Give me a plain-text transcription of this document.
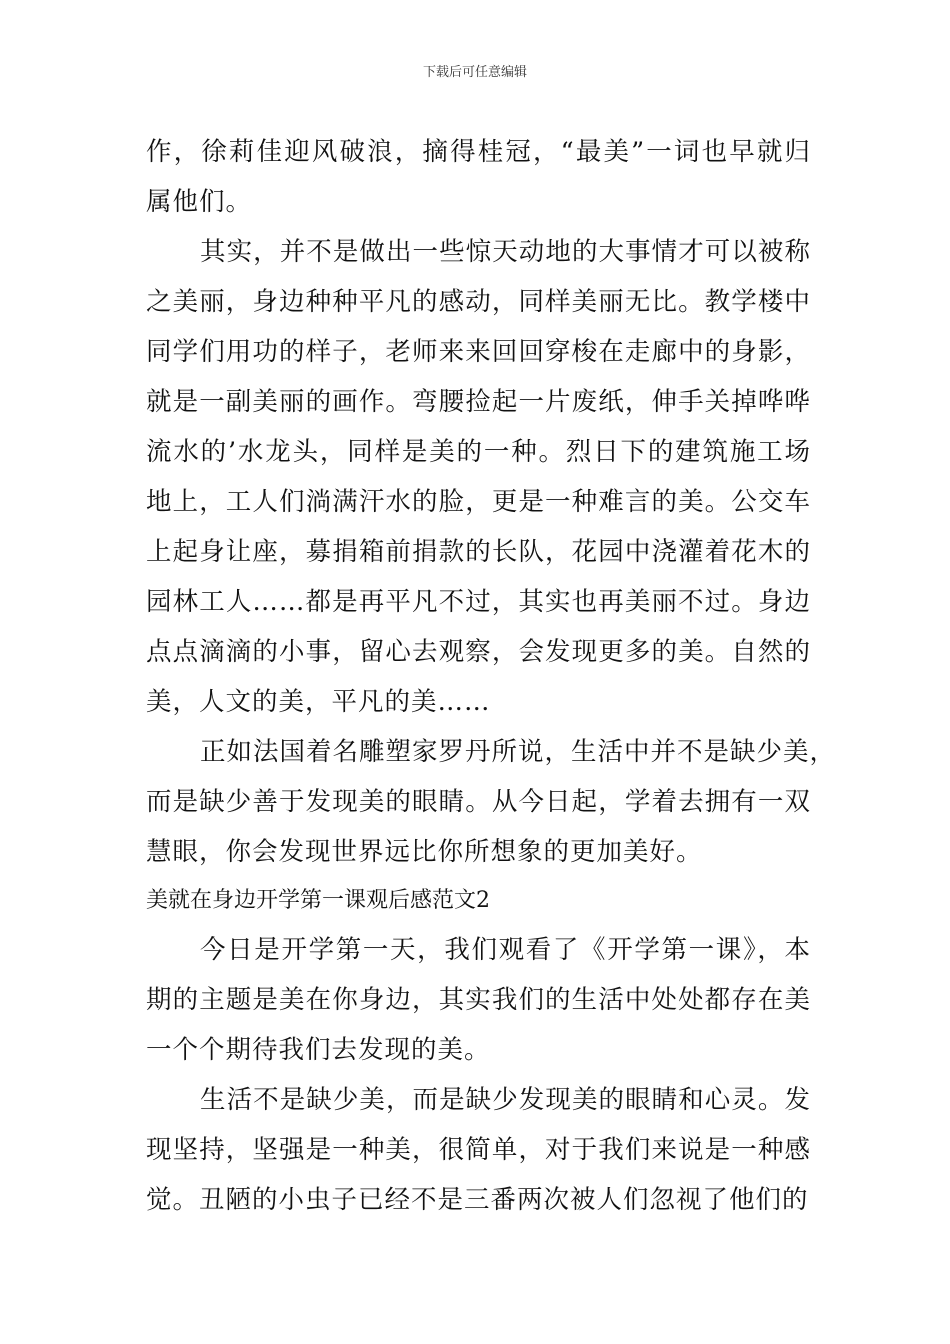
下载后可任意编辑
作，徐莉佳迎风破浪，摘得桂冠，“最美”一词也早就归
属他们。
其实，并不是做出一些惊天动地的大事情才可以被称
之美丽，身边种种平凡的感动，同样美丽无比。教学楼中
同学们用功的样子，老师来来回回穿梭在走廊中的身影，
就是一副美丽的画作。弯腰捡起一片废纸，伸手关掉哗哗
流水的’水龙头，同样是美的一种。烈日下的建筑施工场
地上，工人们淌满汗水的脸，更是一种难言的美。公交车
上起身让座，募捐箱前捐款的长队，花园中浇灌着花木的
园林工人……都是再平凡不过，其实也再美丽不过。身边
点点滴滴的小事，留心去观察，会发现更多的美。自然的
美，人文的美，平凡的美……
正如法国着名雕塑家罗丹所说，生活中并不是缺少美，
而是缺少善于发现美的眼睛。从今日起，学着去拥有一双
慧眼，你会发现世界远比你所想象的更加美好。
美就在身边开学第一课观后感范文2
今日是开学第一天，我们观看了《开学第一课》，本
期的主题是美在你身边，其实我们的生活中处处都存在美
一个个期待我们去发现的美。
生活不是缺少美，而是缺少发现美的眼睛和心灵。发
现坚持，坚强是一种美，很简单，对于我们来说是一种感
觉。丑陋的小虫子已经不是三番两次被人们忽视了他们的
